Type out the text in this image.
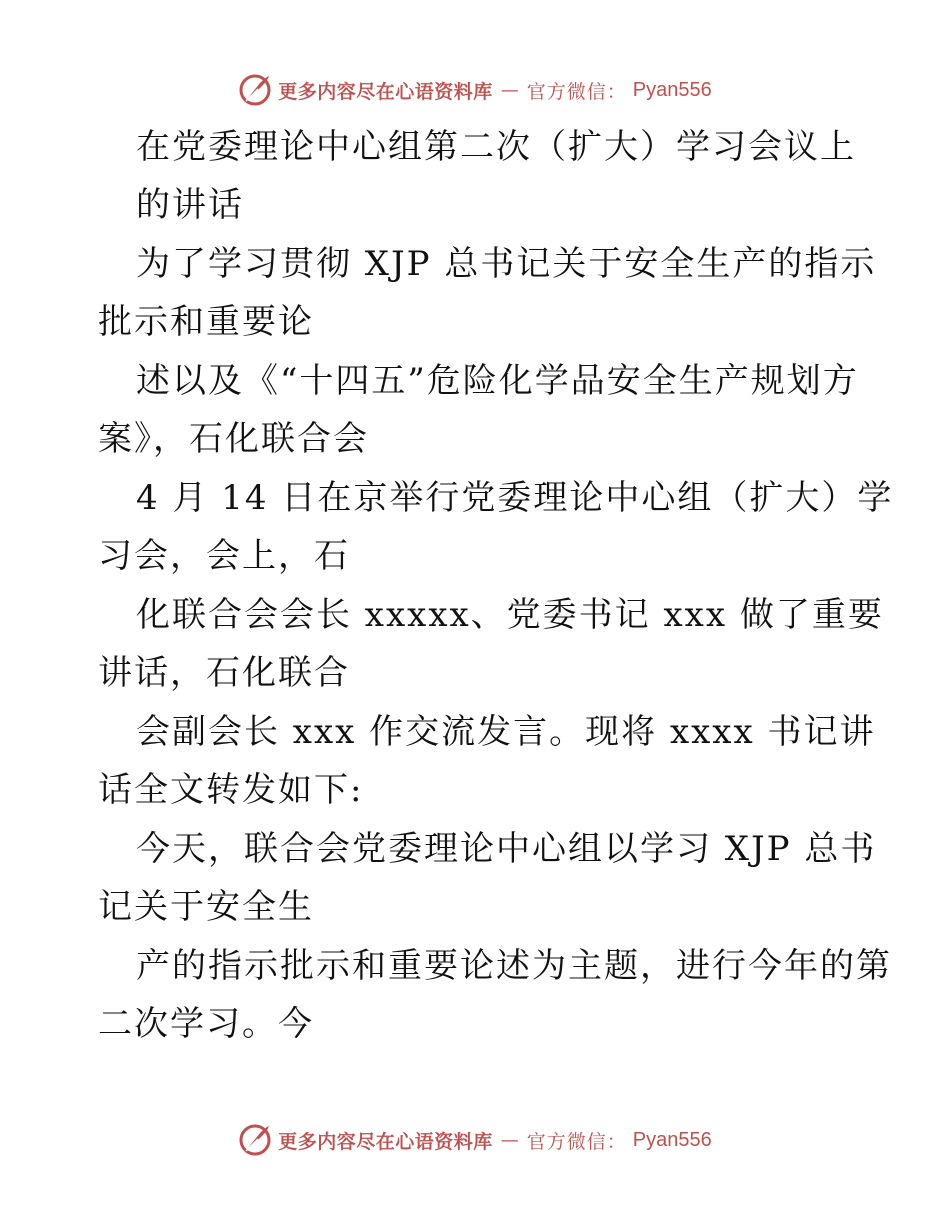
更多内容尽在心语资料库 — 官方微信： Pyan556
在党委理论中心组第二次（扩大）学习会议上
的讲话
为了学习贯彻 XJP 总书记关于安全生产的指示
批示和重要论
述以及《“十四五”危险化学品安全生产规划方
案》，石化联合会
4 月 14 日在京举行党委理论中心组（扩大）学
习会，会上，石
化联合会会长 xxxxx、党委书记 xxx 做了重要
讲话，石化联合
会副会长 xxx 作交流发言。现将 xxxx 书记讲
话全文转发如下:
今天，联合会党委理论中心组以学习 XJP 总书
记关于安全生
产的指示批示和重要论述为主题，进行今年的第
二次学习。今
更多内容尽在心语资料库 — 官方微信： Pyan556
